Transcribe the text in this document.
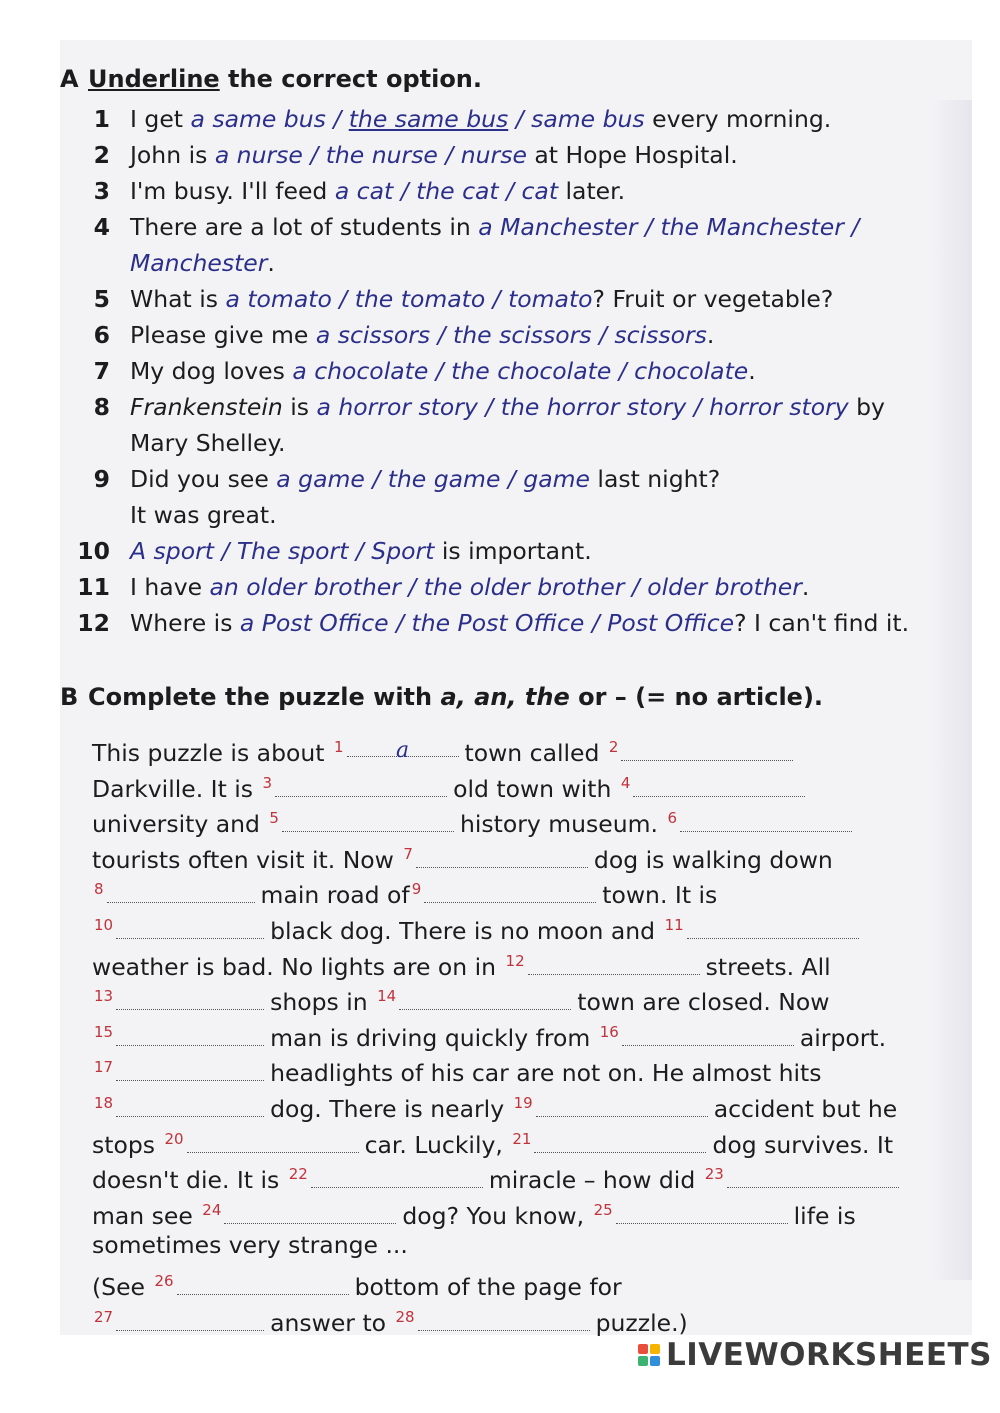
A Underline the correct option.
1 I get a same bus / the same bus / same bus every morning.
2 John is a nurse / the nurse / nurse at Hope Hospital.
3 I'm busy. I'll feed a cat / the cat / cat later.
4 There are a lot of students in a Manchester / the Manchester /
Manchester.
5 What is a tomato / the tomato / tomato? Fruit or vegetable?
6 Please give me a scissors / the scissors / scissors.
7 My dog loves a chocolate / the chocolate / chocolate.
8 Frankenstein is a horror story / the horror story / horror story by
Mary Shelley.
9 Did you see a game / the game / game last night?
It was great.
10 A sport / The sport / Sport is important.
11 I have an older brother / the older brother / older brother.
12 Where is a Post Office / the Post Office / Post Office? I can't find it.
B Complete the puzzle with a, an, the or – (= no article).
This puzzle is about $^1$ a town called $^2$
Darkville. It is $^3$	old town with $^4$
university and $^5$	history museum. $^6$
tourists often visit it. Now $^7$	dog is walking down
$^8$	main road of $^9$	town. It is
$^{10}$	black dog. There is no moon and $^{11}$
weather is bad. No lights are on in $^{12}$	streets. All
$^{13}$	shops in $^{14}$	town are closed. Now
$^{15}$	man is driving quickly from $^{16}$	airport.
$^{17}$	headlights of his car are not on. He almost hits
$^{18}$	dog. There is nearly $^{19}$	accident but he
stops $^{20}$	car. Luckily, $^{21}$	dog survives. It
doesn't die. It is $^{22}$	miracle – how did $^{23}$
man see $^{24}$	dog? You know, $^{25}$	life is
sometimes very strange ...
(See $^{26}$	bottom of the page for
$^{27}$	answer to $^{28}$	puzzle.)
LIVEWORKSHEETS
